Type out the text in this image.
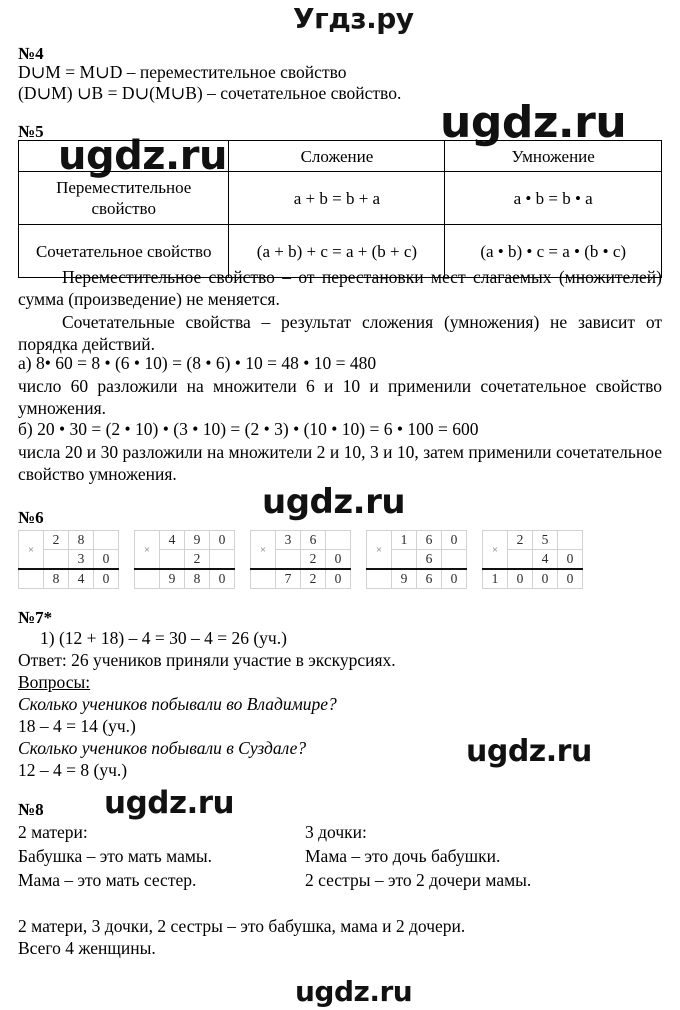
Угдз.ру
ugdz.ru
ugdz.ru
ugdz.ru
ugdz.ru
ugdz.ru
ugdz.ru
№4
D∪M = M∪D – переместительное свойство
(D∪M) ∪B = D∪(M∪B) – сочетательное свойство.
№5
	Сложение	Умножение
Переместительное свойство	a + b = b + a	a • b = b • a
Сочетательное свойство	(a + b) + c = a + (b + c)	(a • b) • c = a • (b • c)
Переместительное свойство – от перестановки мест слагаемых (множителей) сумма (произведение) не меняется.
Сочетательные свойства – результат сложения (умножения) не зависит от порядка действий.
а) 8• 60 = 8 • (6 • 10) = (8 • 6) • 10 = 48 • 10 = 480
число 60 разложили на множители 6 и 10 и применили сочетательное свойство умножения.
б) 20 • 30 = (2 • 10) • (3 • 10) = (2 • 3) • (10 • 10) = 6 • 100 = 600
числа 20 и 30 разложили на множители 2 и 10, 3 и 10, затем применили сочетательное свойство умножения.
№6
×	2	8	
		3	0
	8	4	0
×	4	9	0
		2	
	9	8	0
×	3	6	
		2	0
	7	2	0
×	1	6	0
		6	
	9	6	0
×	2	5	
		4	0
1	0	0	0
№7*
1) (12 + 18) – 4 = 30 – 4 = 26 (уч.)
Ответ: 26 учеников приняли участие в экскурсиях.
Вопросы:
Сколько учеников побывали во Владимире?
18 – 4 = 14 (уч.)
Сколько учеников побывали в Суздале?
12 – 4 = 8 (уч.)
№8
2 матери:
Бабушка – это мать мамы.
Мама – это мать сестер.
3 дочки:
Мама – это дочь бабушки.
2 сестры – это 2 дочери мамы.
2 матери, 3 дочки, 2 сестры – это бабушка, мама и 2 дочери.
Всего 4 женщины.
